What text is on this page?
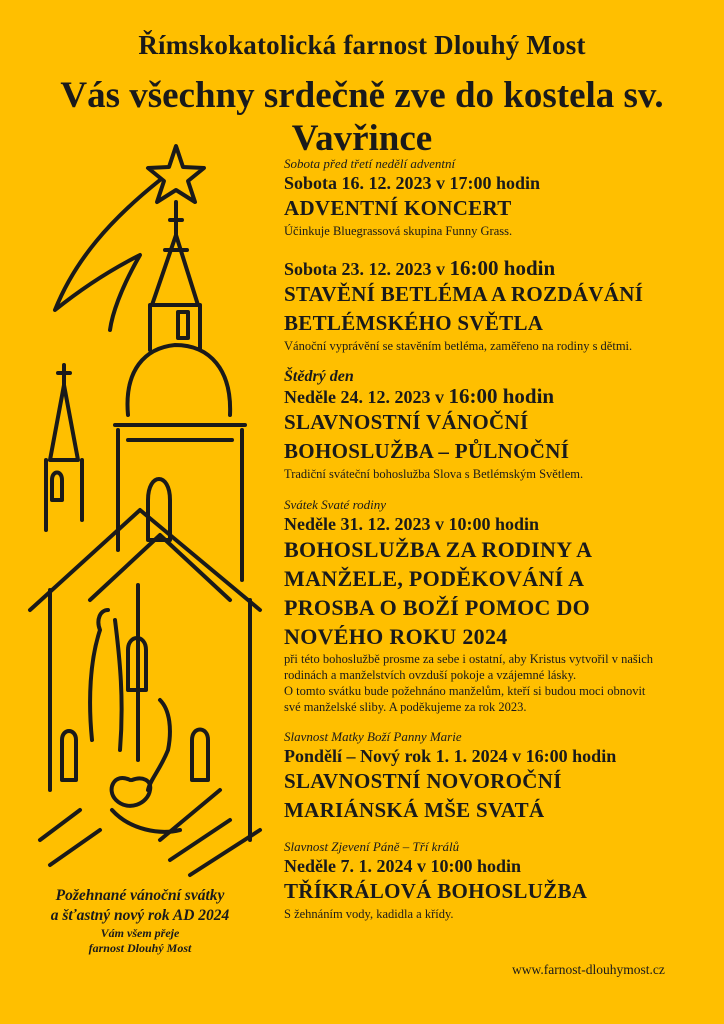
Římskokatolická farnost Dlouhý Most
Vás všechny srdečně zve do kostela sv. Vavřince
Sobota před třetí nedělí adventní
Sobota 16. 12. 2023 v 17:00 hodin
ADVENTNÍ KONCERT
Účinkuje Bluegrassová skupina Funny Grass.
Sobota 23. 12. 2023 v 16:00 hodin
STAVĚNÍ BETLÉMA A ROZDÁVÁNÍ
BETLÉMSKÉHO SVĚTLA
Vánoční vyprávění se stavěním betléma, zaměřeno na rodiny s dětmi.
Štědrý den
Neděle 24. 12. 2023 v 16:00 hodin
SLAVNOSTNÍ VÁNOČNÍ
BOHOSLUŽBA – PŮLNOČNÍ
Tradiční sváteční bohoslužba Slova s Betlémským Světlem.
Svátek Svaté rodiny
Neděle 31. 12. 2023 v 10:00 hodin
BOHOSLUŽBA ZA RODINY A
MANŽELE, PODĚKOVÁNÍ A
PROSBA O BOŽÍ POMOC DO
NOVÉHO ROKU 2024
při této bohoslužbě prosme za sebe i ostatní, aby Kristus vytvořil v našich
rodinách a manželstvích ovzduší pokoje a vzájemné lásky.
O tomto svátku bude požehnáno manželům, kteří si budou moci obnovit
své manželské sliby. A poděkujeme za rok 2023.
Slavnost Matky Boží Panny Marie
Pondělí – Nový rok 1. 1. 2024 v 16:00 hodin
SLAVNOSTNÍ NOVOROČNÍ
MARIÁNSKÁ MŠE SVATÁ
Slavnost Zjevení Páně – Tří králů
Neděle 7. 1. 2024 v 10:00 hodin
TŘÍKRÁLOVÁ BOHOSLUŽBA
S žehnáním vody, kadidla a křídy.
Požehnané vánoční svátky
a šťastný nový rok AD 2024
Vám všem přeje
farnost Dlouhý Most
www.farnost-dlouhymost.cz
